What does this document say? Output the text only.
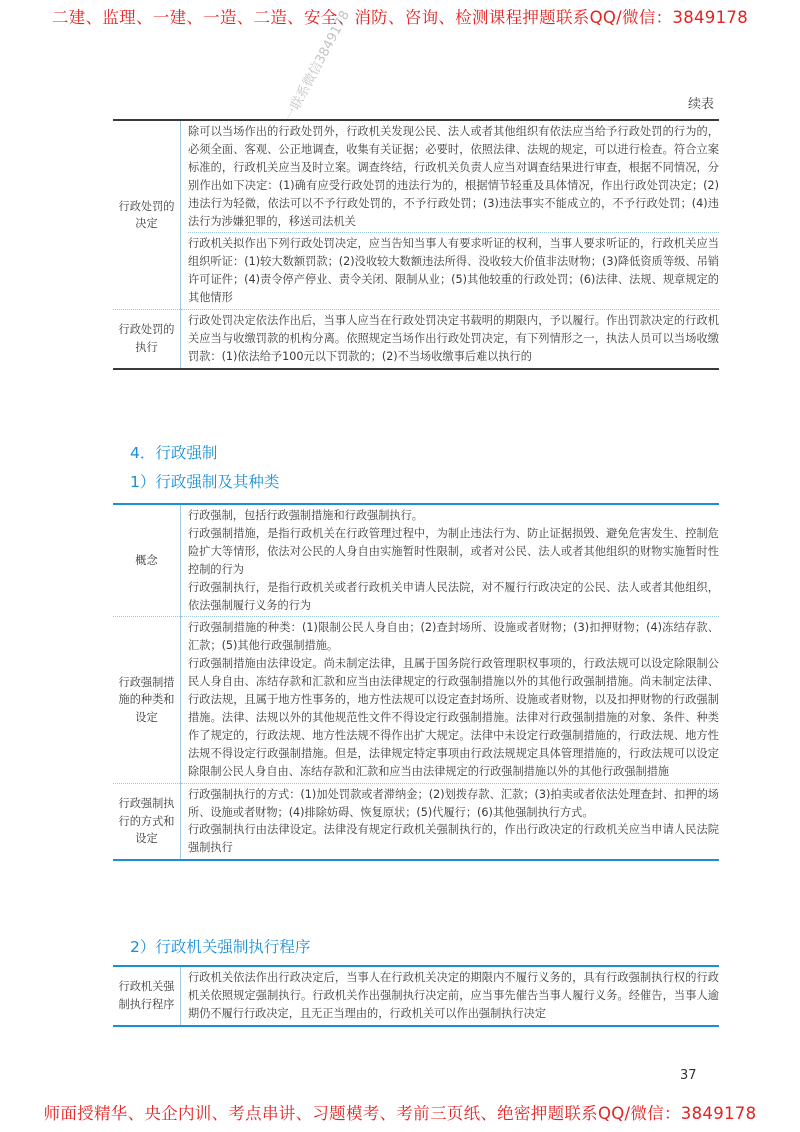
二建、监理、一建、一造、二造、安全、消防、咨询、检测课程押题联系QQ/微信：3849178
续表
行政处罚的决定	除可以当场作出的行政处罚外，行政机关发现公民、法人或者其他组织有依法应当给予行政处罚的行为的，必须全面、客观、公正地调查，收集有关证据；必要时，依照法律、法规的规定，可以进行检查。符合立案标准的，行政机关应当及时立案。调查终结，行政机关负责人应当对调查结果进行审查，根据不同情况，分别作出如下决定：(1)确有应受行政处罚的违法行为的，根据情节轻重及具体情况，作出行政处罚决定；(2)违法行为轻微，依法可以不予行政处罚的，不予行政处罚；(3)违法事实不能成立的，不予行政处罚；(4)违法行为涉嫌犯罪的，移送司法机关

行政机关拟作出下列行政处罚决定，应当告知当事人有要求听证的权利，当事人要求听证的，行政机关应当组织听证：(1)较大数额罚款；(2)没收较大数额违法所得、没收较大价值非法财物；(3)降低资质等级、吊销许可证件；(4)责令停产停业、责令关闭、限制从业；(5)其他较重的行政处罚；(6)法律、法规、规章规定的其他情形

行政处罚的执行	行政处罚决定依法作出后，当事人应当在行政处罚决定书载明的期限内，予以履行。作出罚款决定的行政机关应当与收缴罚款的机构分离。依照规定当场作出行政处罚决定，有下列情形之一，执法人员可以当场收缴罚款：(1)依法给予100元以下罚款的；(2)不当场收缴事后难以执行的

4．行政强制
1）行政强制及其种类
概念	行政强制，包括行政强制措施和行政强制执行。

行政强制措施，是指行政机关在行政管理过程中，为制止违法行为、防止证据损毁、避免危害发生、控制危险扩大等情形，依法对公民的人身自由实施暂时性限制，或者对公民、法人或者其他组织的财物实施暂时性控制的行为

行政强制执行，是指行政机关或者行政机关申请人民法院，对不履行行政决定的公民、法人或者其他组织，依法强制履行义务的行为

行政强制措施的种类和设定	行政强制措施的种类：(1)限制公民人身自由；(2)查封场所、设施或者财物；(3)扣押财物；(4)冻结存款、汇款；(5)其他行政强制措施。

行政强制措施由法律设定。尚未制定法律，且属于国务院行政管理职权事项的，行政法规可以设定除限制公民人身自由、冻结存款和汇款和应当由法律规定的行政强制措施以外的其他行政强制措施。尚未制定法律、行政法规，且属于地方性事务的，地方性法规可以设定查封场所、设施或者财物，以及扣押财物的行政强制措施。法律、法规以外的其他规范性文件不得设定行政强制措施。法律对行政强制措施的对象、条件、种类作了规定的，行政法规、地方性法规不得作出扩大规定。法律中未设定行政强制措施的，行政法规、地方性法规不得设定行政强制措施。但是，法律规定特定事项由行政法规规定具体管理措施的，行政法规可以设定除限制公民人身自由、冻结存款和汇款和应当由法律规定的行政强制措施以外的其他行政强制措施

行政强制执行的方式和设定	行政强制执行的方式：(1)加处罚款或者滞纳金；(2)划拨存款、汇款；(3)拍卖或者依法处理查封、扣押的场所、设施或者财物；(4)排除妨碍、恢复原状；(5)代履行；(6)其他强制执行方式。

行政强制执行由法律设定。法律没有规定行政机关强制执行的，作出行政决定的行政机关应当申请人民法院强制执行

2）行政机关强制执行程序
行政机关强制执行程序	

行政机关依法作出行政决定后，当事人在行政机关决定的期限内不履行义务的，具有行政强制执行权的行政机关依照规定强制执行。行政机关作出强制执行决定前，应当事先催告当事人履行义务。经催告，当事人逾期仍不履行行政决定，且无正当理由的，行政机关可以作出强制执行决定

37
一联系微信3849178
师面授精华、央企内训、考点串讲、习题模考、考前三页纸、绝密押题联系QQ/微信：3849178
